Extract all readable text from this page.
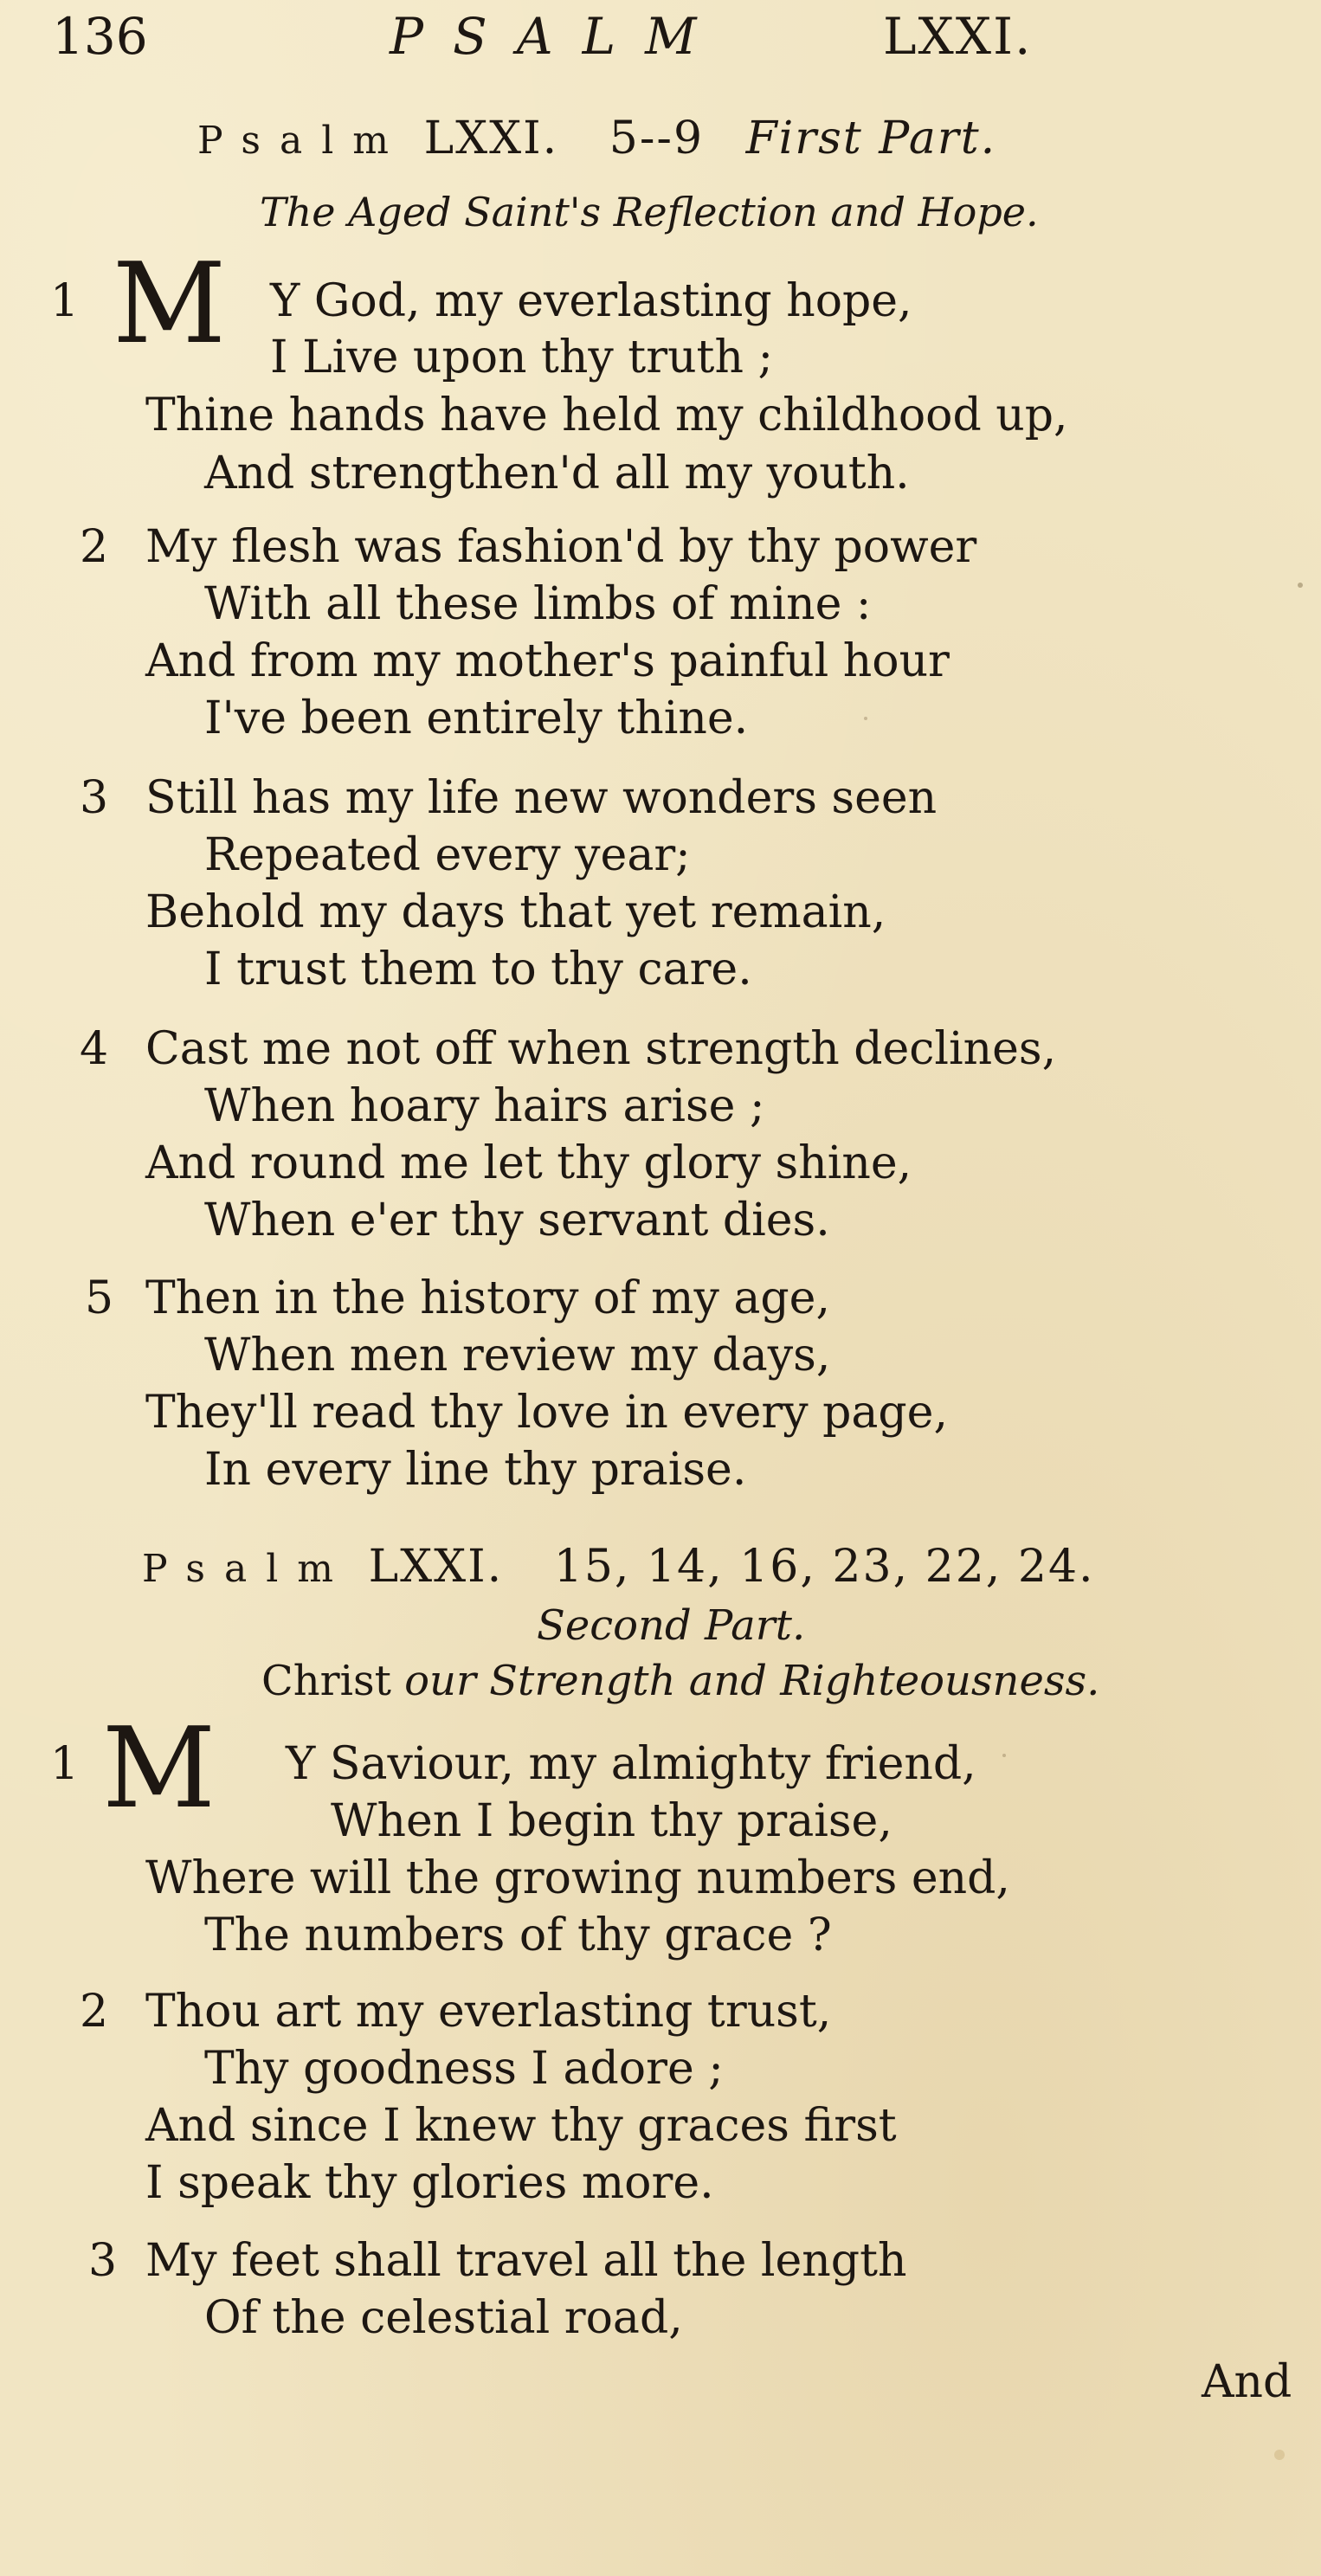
136	PSALM	LXXI.
Psalm LXXI. 5--9 First Part.
The Aged Saint's Reflection and Hope.
1 M Y God, my everlasting hope,
I Live upon thy truth ;
Thine hands have held my childhood up,
And strengthen'd all my youth.
2 My flesh was fashion'd by thy power
With all these limbs of mine :
And from my mother's painful hour
I've been entirely thine.
3 Still has my life new wonders seen
Repeated every year;
Behold my days that yet remain,
I trust them to thy care.
4 Cast me not off when strength declines,
When hoary hairs arise ;
And round me let thy glory shine,
When e'er thy servant dies.
5 Then in the history of my age,
When men review my days,
They'll read thy love in every page,
In every line thy praise.
Psalm LXXI. 15, 14, 16, 23, 22, 24.
Second Part.
Christ our Strength and Righteousness.
1 M Y Saviour, my almighty friend,
When I begin thy praise,
Where will the growing numbers end,
The numbers of thy grace ?
2 Thou art my everlasting trust,
Thy goodness I adore ;
And since I knew thy graces first
I speak thy glories more.
3 My feet shall travel all the length
Of the celestial road,
And
